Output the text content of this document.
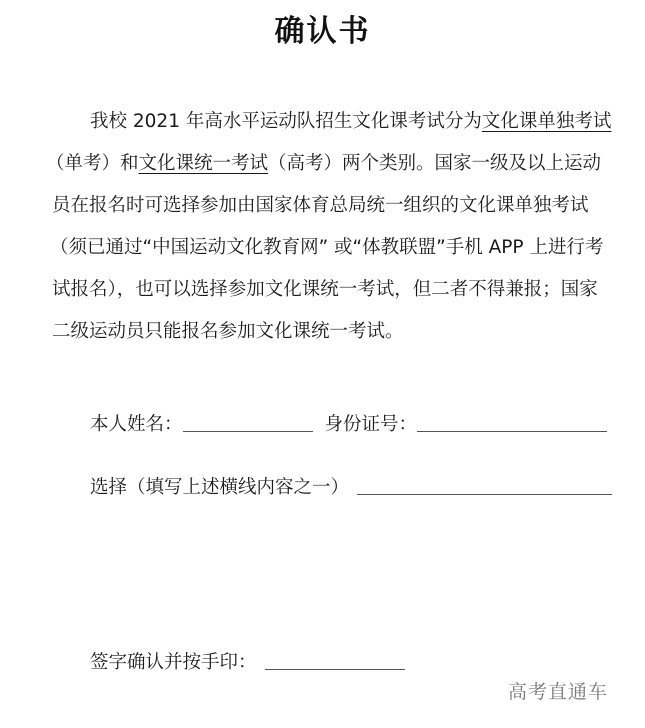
确认书
我校 2021 年高水平运动队招生文化课考试分为文化课单独考试
（单考）和文化课统一考试（高考）两个类别。国家一级及以上运动
员在报名时可选择参加由国家体育总局统一组织的文化课单独考试
（须已通过“中国运动文化教育网” 或“体教联盟”手机 APP 上进行考
试报名），也可以选择参加文化课统一考试，但二者不得兼报；国家
二级运动员只能报名参加文化课统一考试。
本人姓名：	身份证号：
选择（填写上述横线内容之一）
签字确认并按手印：
高考直通车
